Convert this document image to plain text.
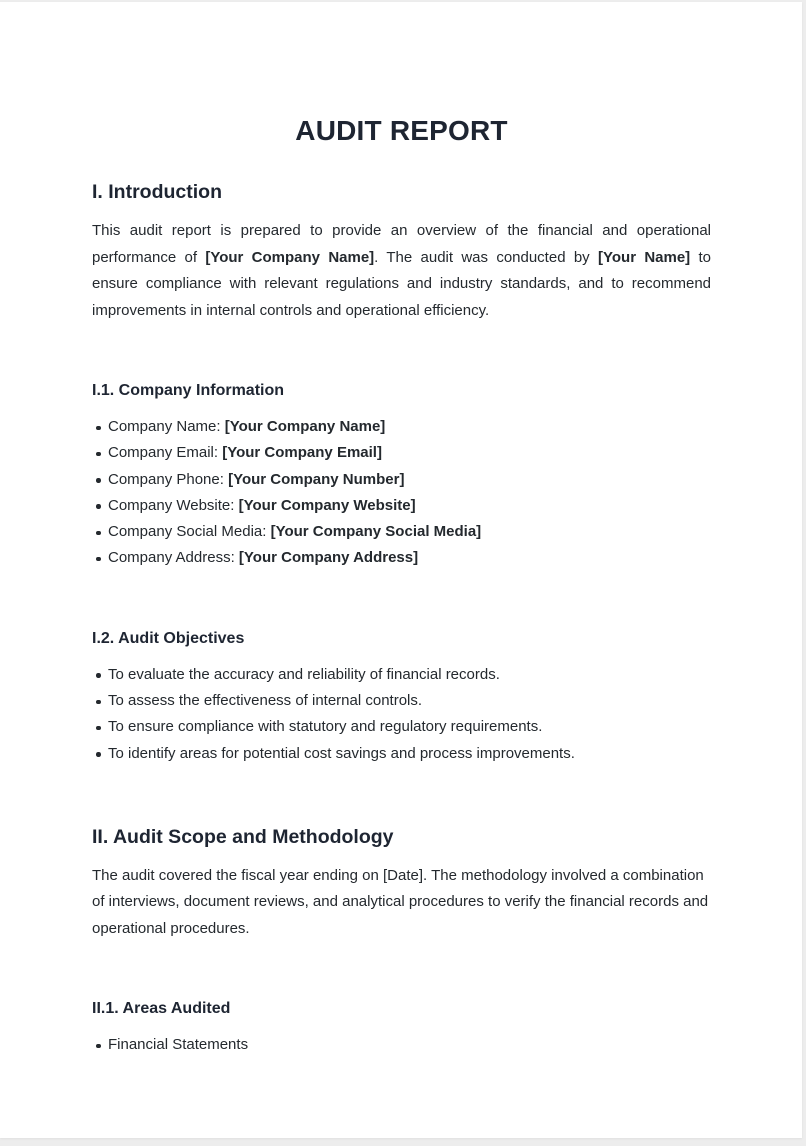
AUDIT REPORT
I. Introduction

This audit report is prepared to provide an overview of the financial and operational performance of [Your Company Name]. The audit was conducted by [Your Name] to ensure compliance with relevant regulations and industry standards, and to recommend improvements in internal controls and operational efficiency.

I.1. Company Information
Company Name: [Your Company Name]
Company Email: [Your Company Email]
Company Phone: [Your Company Number]
Company Website: [Your Company Website]
Company Social Media: [Your Company Social Media]
Company Address: [Your Company Address]
I.2. Audit Objectives
To evaluate the accuracy and reliability of financial records.
To assess the effectiveness of internal controls.
To ensure compliance with statutory and regulatory requirements.
To identify areas for potential cost savings and process improvements.
II. Audit Scope and Methodology

The audit covered the fiscal year ending on [Date]. The methodology involved a combination of interviews, document reviews, and analytical procedures to verify the financial records and operational procedures.

II.1. Areas Audited
Financial Statements
